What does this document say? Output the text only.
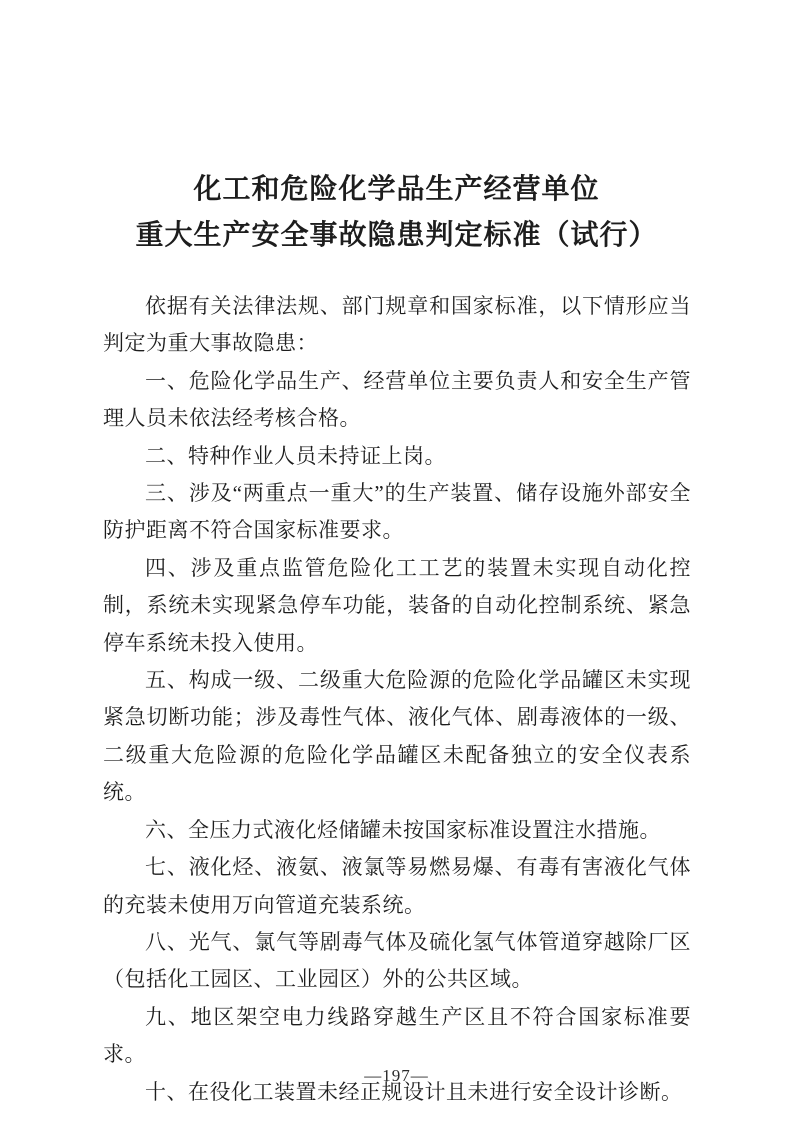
化工和危险化学品生产经营单位
重大生产安全事故隐患判定标准（试行）

依据有关法律法规、部门规章和国家标准，以下情形应当判定为重大事故隐患：

一、危险化学品生产、经营单位主要负责人和安全生产管理人员未依法经考核合格。

二、特种作业人员未持证上岗。

三、涉及“两重点一重大”的生产装置、储存设施外部安全防护距离不符合国家标准要求。

四、涉及重点监管危险化工工艺的装置未实现自动化控制，系统未实现紧急停车功能，装备的自动化控制系统、紧急停车系统未投入使用。

五、构成一级、二级重大危险源的危险化学品罐区未实现紧急切断功能；涉及毒性气体、液化气体、剧毒液体的一级、二级重大危险源的危险化学品罐区未配备独立的安全仪表系统。

六、全压力式液化烃储罐未按国家标准设置注水措施。

七、液化烃、液氨、液氯等易燃易爆、有毒有害液化气体的充装未使用万向管道充装系统。

八、光气、氯气等剧毒气体及硫化氢气体管道穿越除厂区（包括化工园区、工业园区）外的公共区域。

九、地区架空电力线路穿越生产区且不符合国家标准要求。

十、在役化工装置未经正规设计且未进行安全设计诊断。

—197—
